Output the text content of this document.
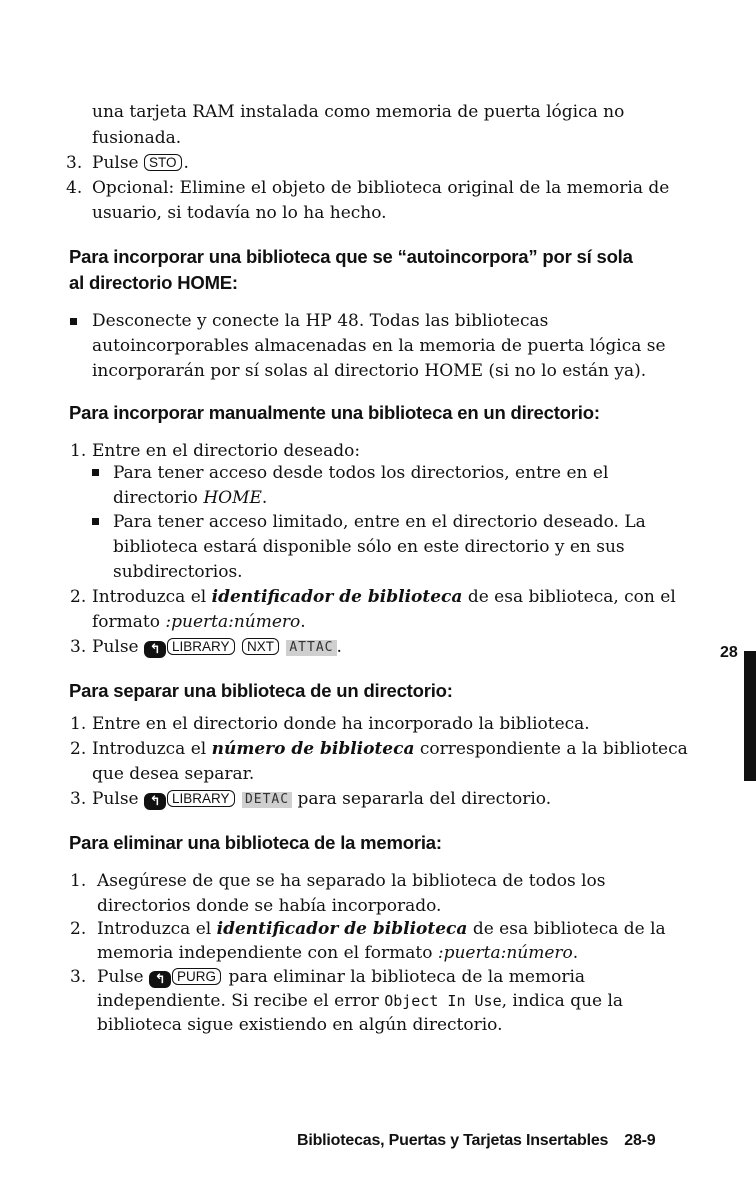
una tarjeta RAM instalada como memoria de puerta lógica no
fusionada.
3. Pulse STO .
4. Opcional: Elimine el objeto de biblioteca original de la memoria de
usuario, si todavía no lo ha hecho.
Para incorporar una biblioteca que se “autoincorpora” por sí sola
al directorio HOME:
Desconecte y conecte la HP 48. Todas las bibliotecas
autoincorporables almacenadas en la memoria de puerta lógica se
incorporarán por sí solas al directorio HOME (si no lo están ya).
Para incorporar manualmente una biblioteca en un directorio:
1. Entre en el directorio deseado:
Para tener acceso desde todos los directorios, entre en el
directorio HOME.
Para tener acceso limitado, entre en el directorio deseado. La
biblioteca estará disponible sólo en este directorio y en sus
subdirectorios.
2. Introduzca el identificador de biblioteca de esa biblioteca, con el
formato :puerta:número.
3. Pulse ↰ LIBRARY NXT ATTAC .
Para separar una biblioteca de un directorio:
1. Entre en el directorio donde ha incorporado la biblioteca.
2. Introduzca el número de biblioteca correspondiente a la biblioteca
que desea separar.
3. Pulse ↰ LIBRARY DETAC para separarla del directorio.
Para eliminar una biblioteca de la memoria:
1. Asegúrese de que se ha separado la biblioteca de todos los
directorios donde se había incorporado.
2. Introduzca el identificador de biblioteca de esa biblioteca de la
memoria independiente con el formato :puerta:número.
3. Pulse ↰ PURG para eliminar la biblioteca de la memoria
independiente. Si recibe el error Object In Use, indica que la
biblioteca sigue existiendo en algún directorio.
28
Bibliotecas, Puertas y Tarjetas Insertables 28-9
